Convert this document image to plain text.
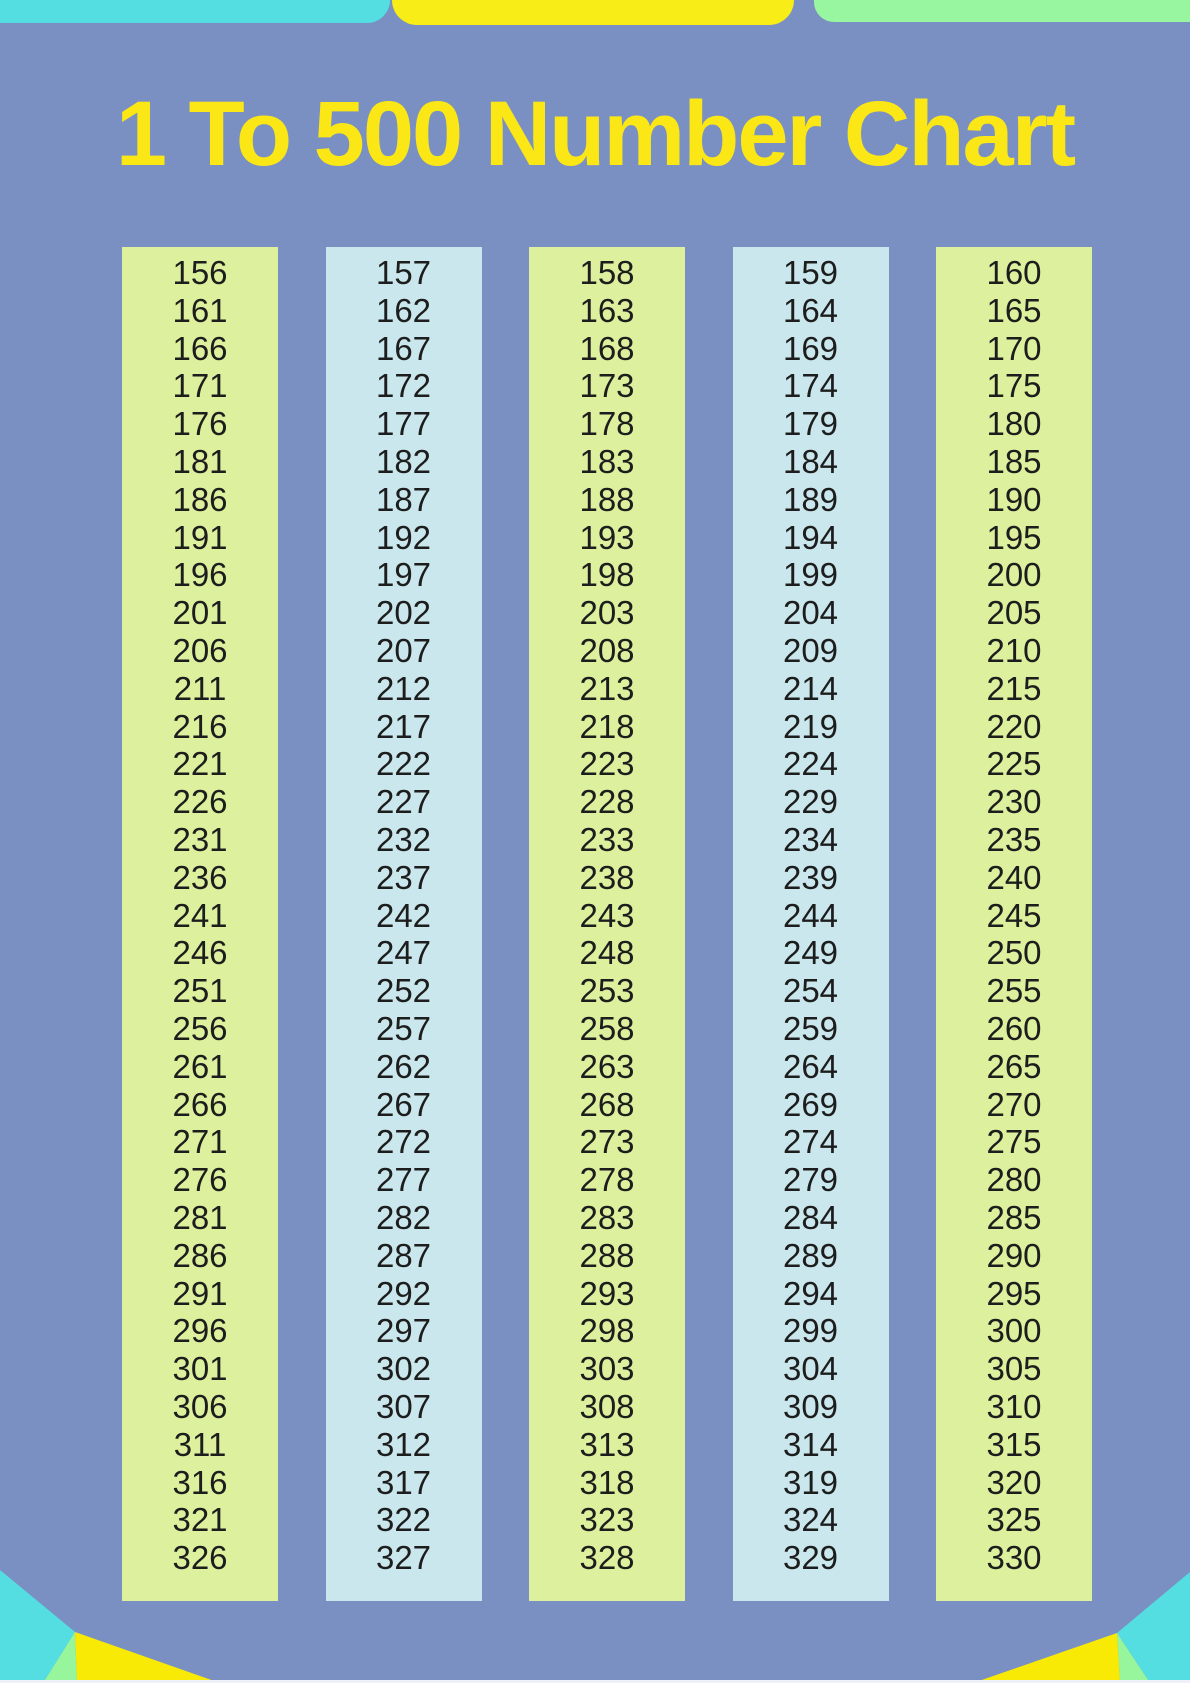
1 To 500 Number Chart
156
161
166
171
176
181
186
191
196
201
206
211
216
221
226
231
236
241
246
251
256
261
266
271
276
281
286
291
296
301
306
311
316
321
326
157
162
167
172
177
182
187
192
197
202
207
212
217
222
227
232
237
242
247
252
257
262
267
272
277
282
287
292
297
302
307
312
317
322
327
158
163
168
173
178
183
188
193
198
203
208
213
218
223
228
233
238
243
248
253
258
263
268
273
278
283
288
293
298
303
308
313
318
323
328
159
164
169
174
179
184
189
194
199
204
209
214
219
224
229
234
239
244
249
254
259
264
269
274
279
284
289
294
299
304
309
314
319
324
329
160
165
170
175
180
185
190
195
200
205
210
215
220
225
230
235
240
245
250
255
260
265
270
275
280
285
290
295
300
305
310
315
320
325
330
